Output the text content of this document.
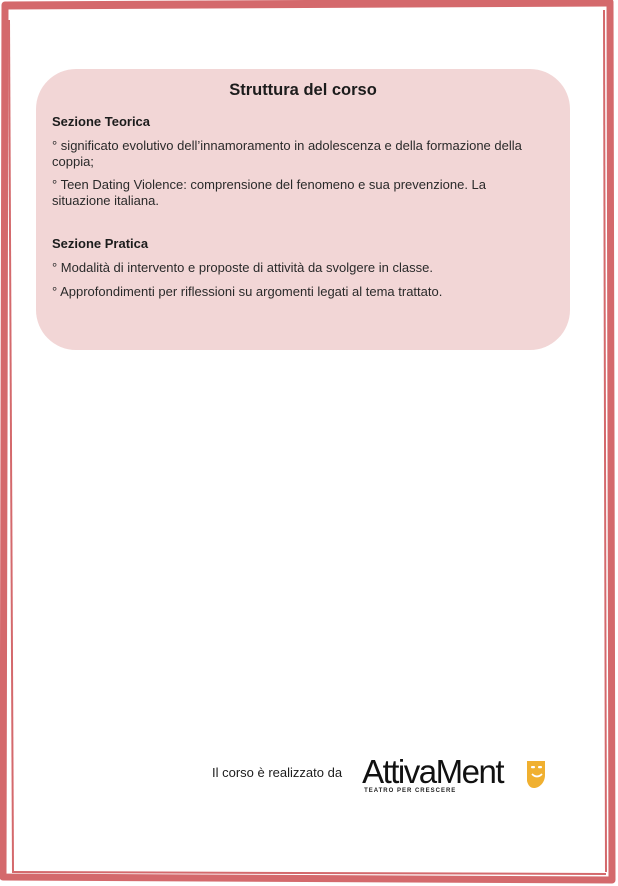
Struttura del corso
Sezione Teorica
° significato evolutivo dell’innamoramento in adolescenza e della formazione della coppia;
° Teen Dating Violence: comprensione del fenomeno e sua prevenzione. La situazione italiana.
Sezione Pratica
° Modalità di intervento e proposte di attività da svolgere in classe.
° Approfondimenti per riflessioni su argomenti legati al tema trattato.
Il corso è realizzato da AttivaMent
TEATRO PER CRESCERE
